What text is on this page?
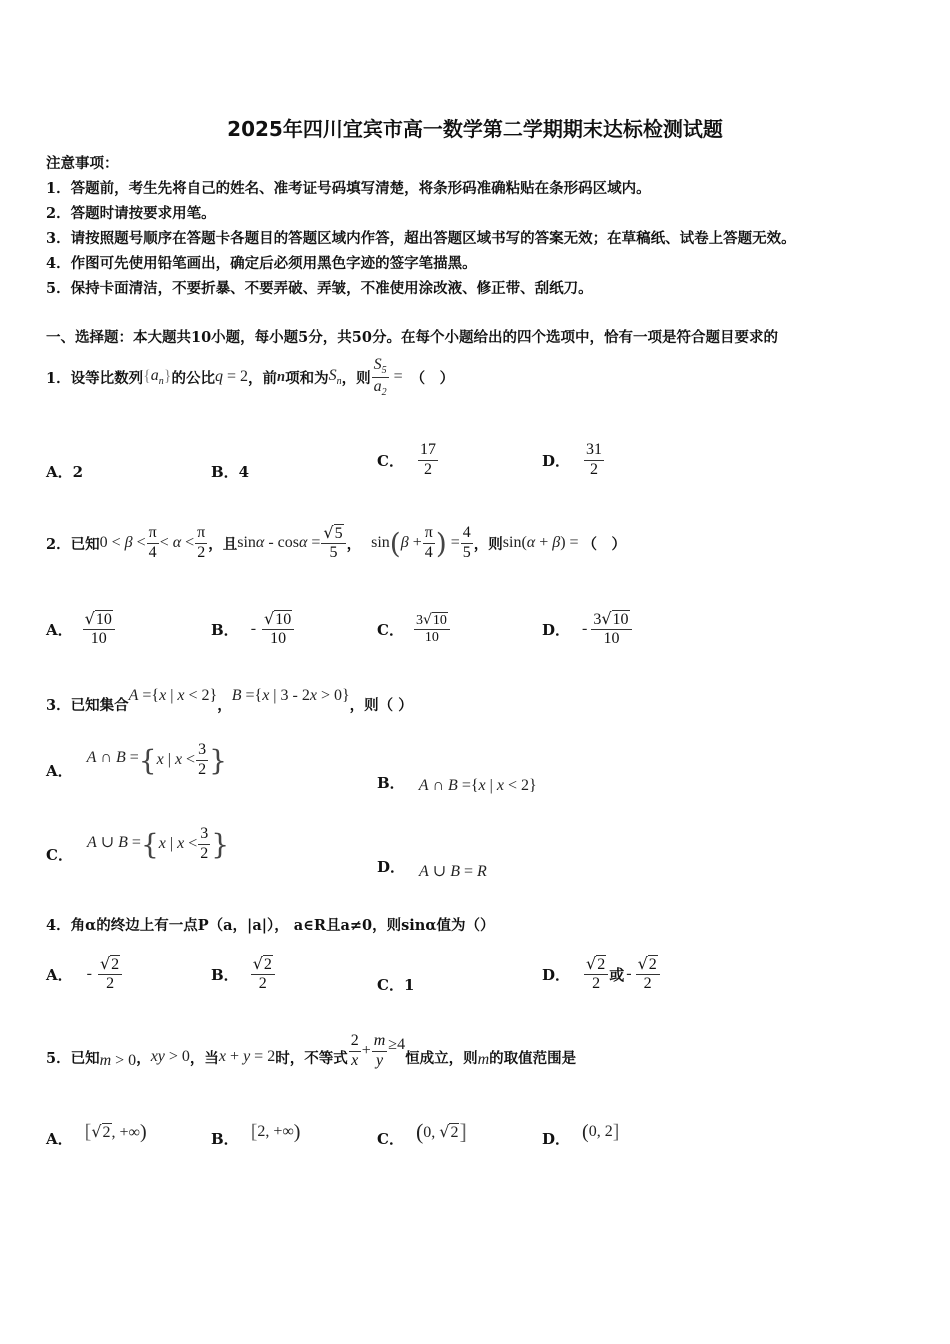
2025年四川宜宾市高一数学第二学期期末达标检测试题
注意事项：
1．答题前，考生先将自己的姓名、准考证号码填写清楚，将条形码准确粘贴在条形码区域内。
2．答题时请按要求用笔。
3．请按照题号顺序在答题卡各题目的答题区域内作答，超出答题区域书写的答案无效；在草稿纸、试卷上答题无效。
4．作图可先使用铅笔画出，确定后必须用黑色字迹的签字笔描黑。
5．保持卡面清洁，不要折暴、不要弄破、弄皱，不准使用涂改液、修正带、刮纸刀。
一、选择题：本大题共10小题，每小题5分，共50分。在每个小题给出的四个选项中，恰有一项是符合题目要求的
1．设等比数列 { $a_n$ } 的公比 q = 2 ，前 n 项和为 $S_n$ ，则 $\frac{S_5}{a_2}$ = （　）
A．2	B．4
C． $\frac{17}{2}$	D． $\frac{31}{2}$
2．已知 $0 < \beta < \frac{\pi}{4} < \alpha < \frac{\pi}{2}$ ，且 $\sin \alpha - \cos \alpha = \frac{√5}{5}$ ， sin ( $\beta + \frac{\pi}{4}$ ) = $\frac{4}{5}$ ，则 sin( α + β ) = （　）
A． $\frac{√10}{10}$	B． - $\frac{√10}{10}$	C． $\frac{3√10}{10}$	D． - $\frac{3√10}{10}$
3．已知集合
A ={x | x < 2}
，
B ={x | 3 - 2x > 0}
，则（ ）
A．
A ∩ B = { x | $x < \frac{3}{2}$ }
B． A ∩ B ={x | x < 2}
C．
A ∪ B = { x | $x < \frac{3}{2}$ }
D． A ∪ B = R
4．角α的终边上有一点P（a，|a|）， a∈R且a≠0，则sinα值为（）
A． - $\frac{√2}{2}$	B． $\frac{√2}{2}$	C．1
D． $\frac{√2}{2}$ 或 - $\frac{√2}{2}$
5．已知 m > 0 ， xy > 0 ，当 x + y = 2 时，不等式 $\frac{2}{x} + \frac{m}{y} \ge 4$
恒成立，则 m 的取值范围是
A． [ √2, +∞ )	B． [ 2, +∞ )	C． ( 0, √2 ]	D． ( 0, 2 ]
